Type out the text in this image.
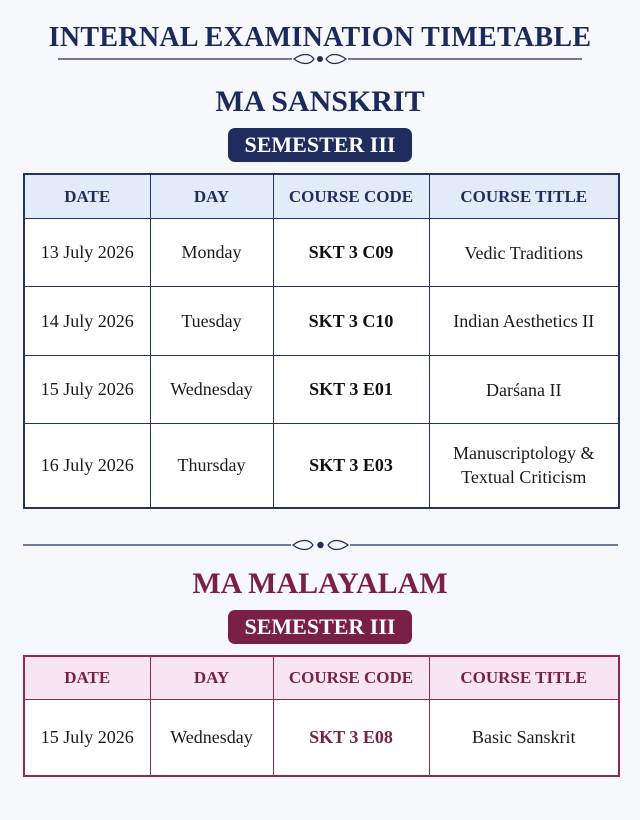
INTERNAL EXAMINATION TIMETABLE
MA SANSKRIT
SEMESTER III
DATE	DAY	COURSE CODE	COURSE TITLE
13 July 2026	Monday	SKT 3 C09	Vedic Traditions
14 July 2026	Tuesday	SKT 3 C10	Indian Aesthetics II
15 July 2026	Wednesday	SKT 3 E01	Darśana II
16 July 2026	Thursday	SKT 3 E03	Manuscriptology & Textual Criticism
MA MALAYALAM
SEMESTER III
DATE	DAY	COURSE CODE	COURSE TITLE
15 July 2026	Wednesday	SKT 3 E08	Basic Sanskrit
